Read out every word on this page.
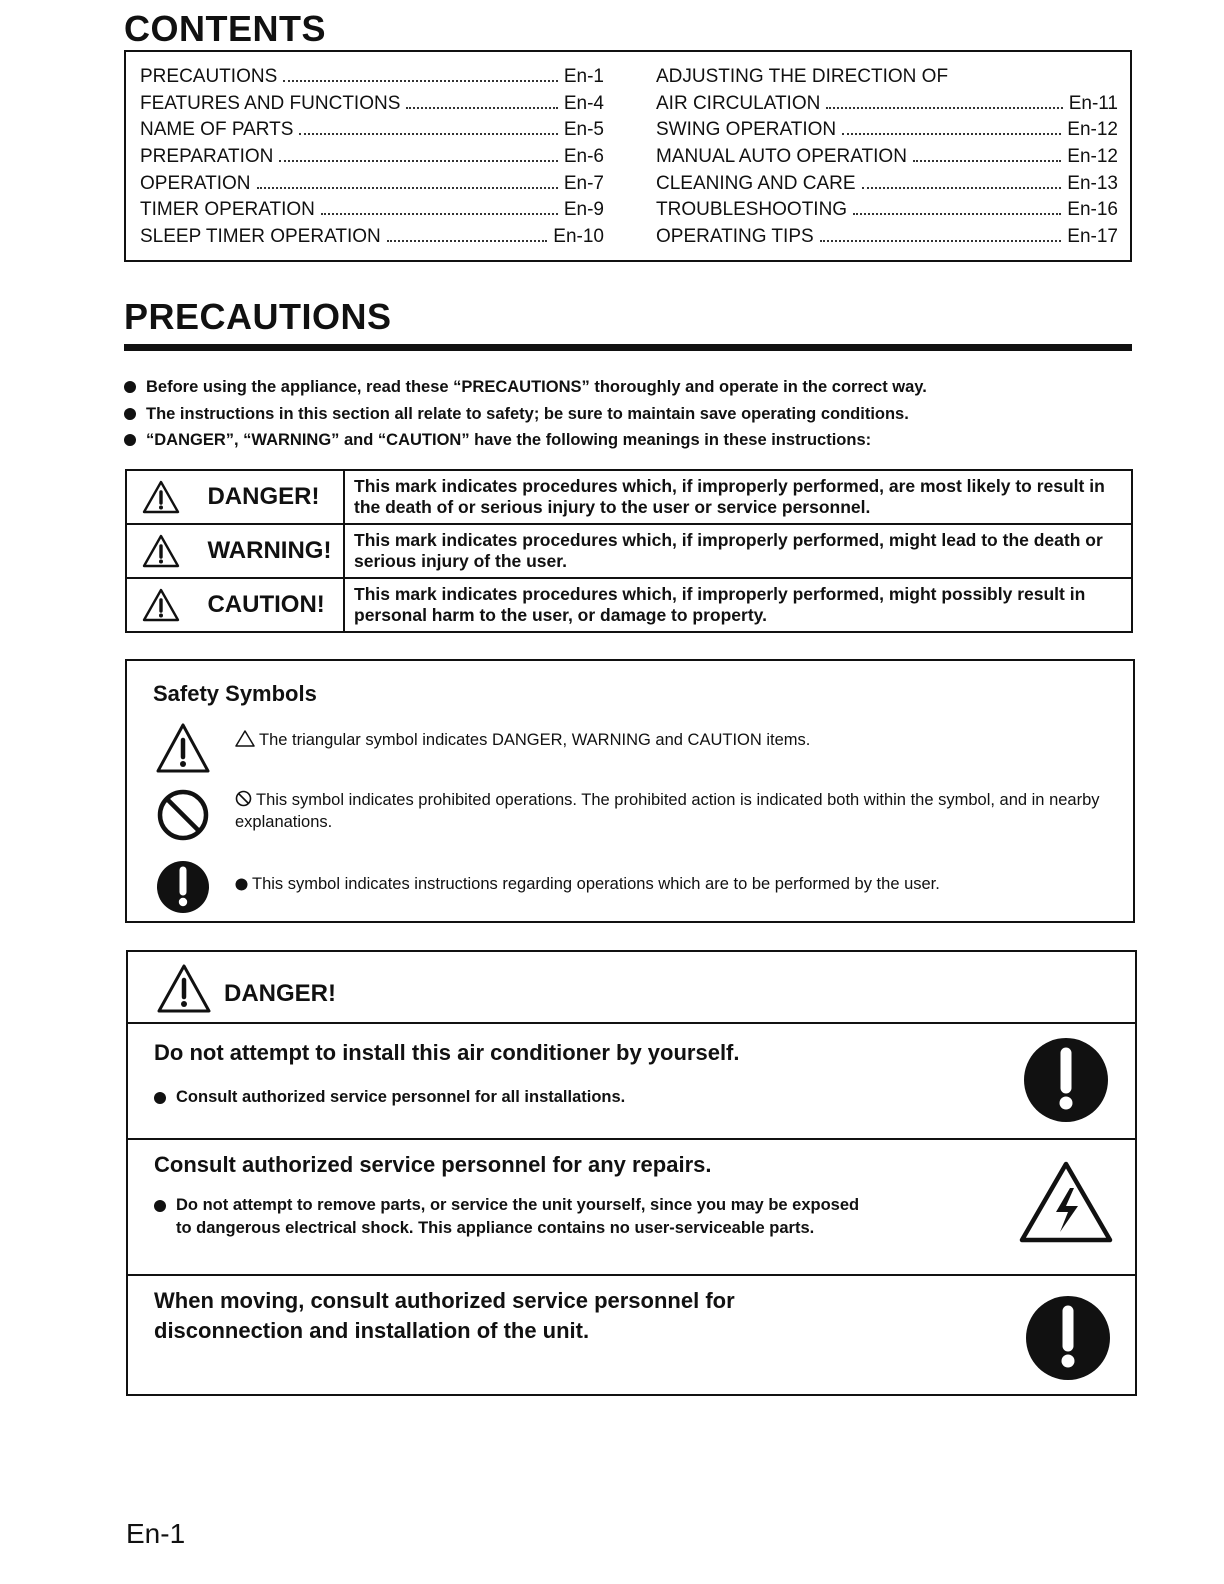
CONTENTS
PRECAUTIONS	En-1
FEATURES AND FUNCTIONS	En-4
NAME OF PARTS	En-5
PREPARATION	En-6
OPERATION	En-7
TIMER OPERATION	En-9
SLEEP TIMER OPERATION	En-10
ADJUSTING THE DIRECTION OF
AIR CIRCULATION	En-11
SWING OPERATION	En-12
MANUAL AUTO OPERATION	En-12
CLEANING AND CARE	En-13
TROUBLESHOOTING	En-16
OPERATING TIPS	En-17
PRECAUTIONS
Before using the appliance, read these “PRECAUTIONS” thoroughly and operate in the correct way.
The instructions in this section all relate to safety; be sure to maintain save operating conditions.
“DANGER”, “WARNING” and “CAUTION” have the following meanings in these instructions:
DANGER!	This mark indicates procedures which, if improperly performed, are most likely to result in the death of or serious injury to the user or service personnel.
WARNING!	This mark indicates procedures which, if improperly performed, might lead to the death or serious injury of the user.
CAUTION!	This mark indicates procedures which, if improperly performed, might possibly result in personal harm to the user, or damage to property.
Safety Symbols
The triangular symbol indicates DANGER, WARNING and CAUTION items.
This symbol indicates prohibited operations. The prohibited action is indicated both within the symbol, and in nearby explanations.
This symbol indicates instructions regarding operations which are to be performed by the user.
DANGER!
Do not attempt to install this air conditioner by yourself.
Consult authorized service personnel for all installations.
Consult authorized service personnel for any repairs.
Do not attempt to remove parts, or service the unit yourself, since you may be exposed to dangerous electrical shock. This appliance contains no user-serviceable parts.
When moving, consult authorized service personnel for disconnection and installation of the unit.
En-1
